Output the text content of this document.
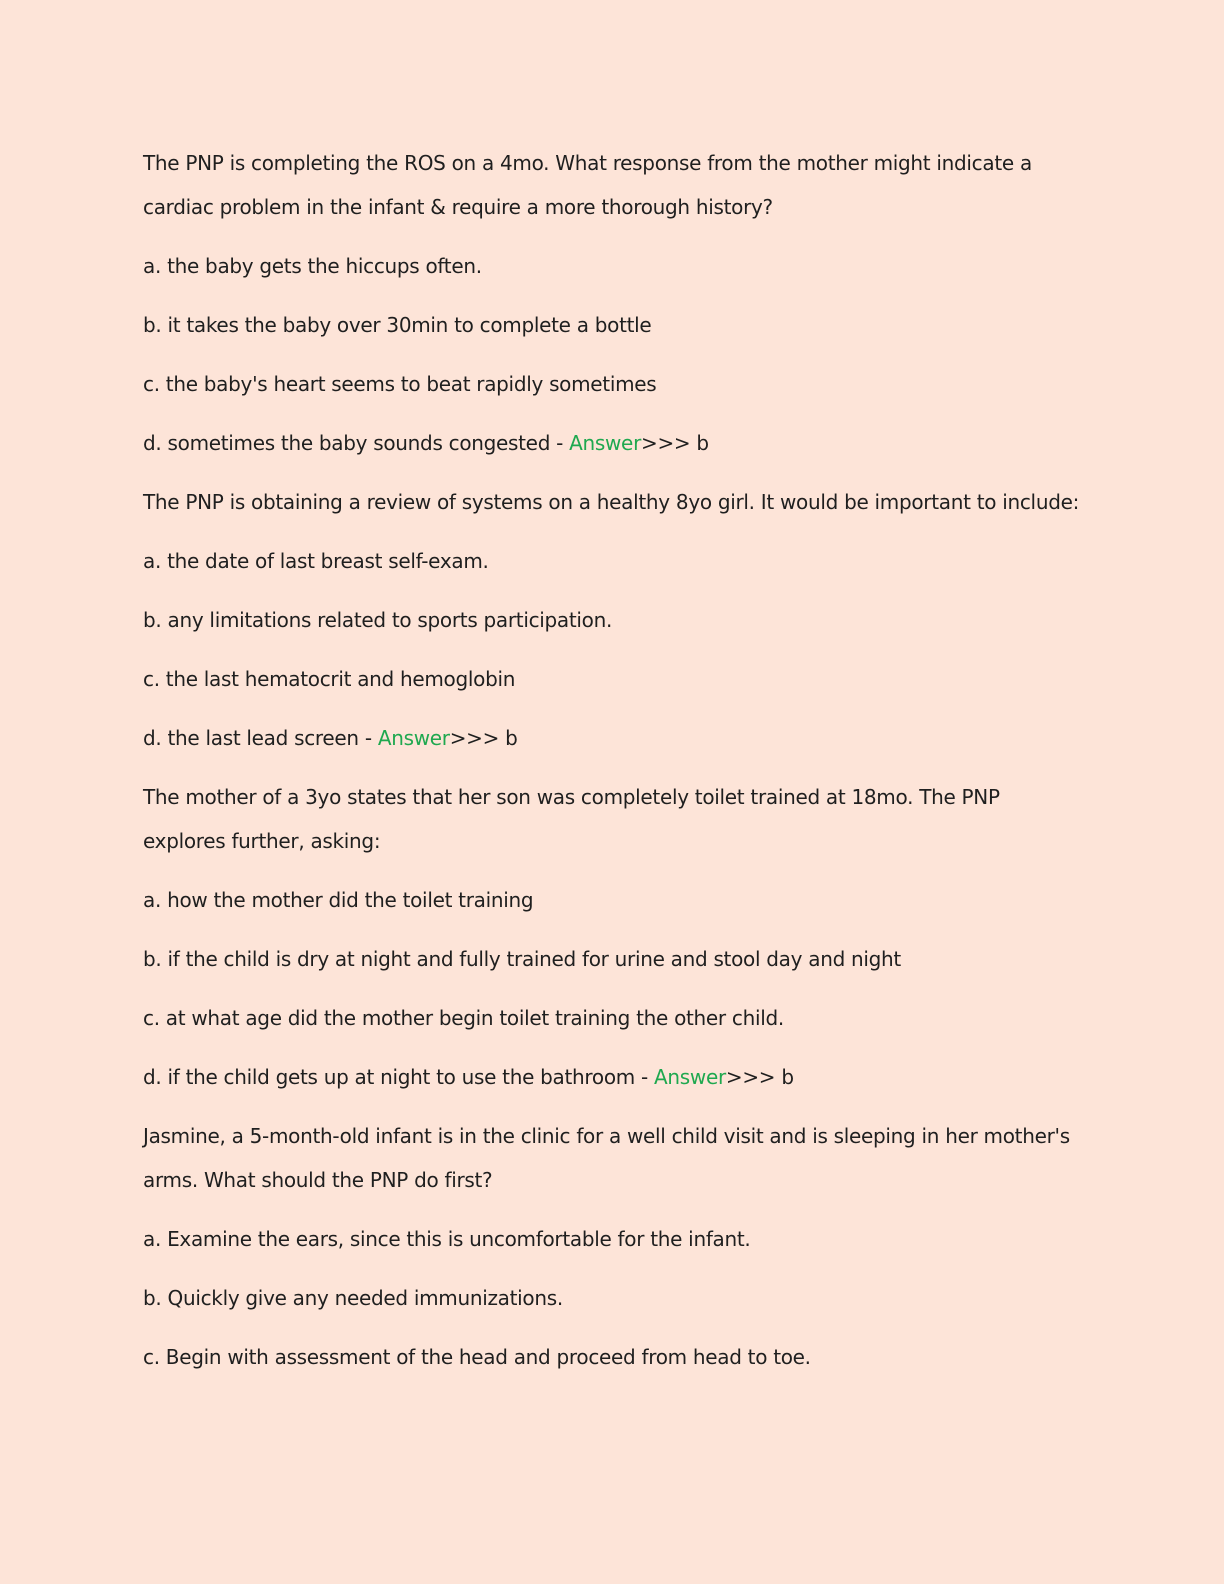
The PNP is completing the ROS on a 4mo. What response from the mother might indicate a cardiac problem in the infant & require a more thorough history?

a. the baby gets the hiccups often.

b. it takes the baby over 30min to complete a bottle

c. the baby's heart seems to beat rapidly sometimes

d. sometimes the baby sounds congested - Answer>>> b

The PNP is obtaining a review of systems on a healthy 8yo girl. It would be important to include:

a. the date of last breast self-exam.

b. any limitations related to sports participation.

c. the last hematocrit and hemoglobin

d. the last lead screen - Answer>>> b

The mother of a 3yo states that her son was completely toilet trained at 18mo. The PNP explores further, asking:

a. how the mother did the toilet training

b. if the child is dry at night and fully trained for urine and stool day and night

c. at what age did the mother begin toilet training the other child.

d. if the child gets up at night to use the bathroom - Answer>>> b

Jasmine, a 5-month-old infant is in the clinic for a well child visit and is sleeping in her mother's arms. What should the PNP do first?

a. Examine the ears, since this is uncomfortable for the infant.

b. Quickly give any needed immunizations.

c. Begin with assessment of the head and proceed from head to toe.
